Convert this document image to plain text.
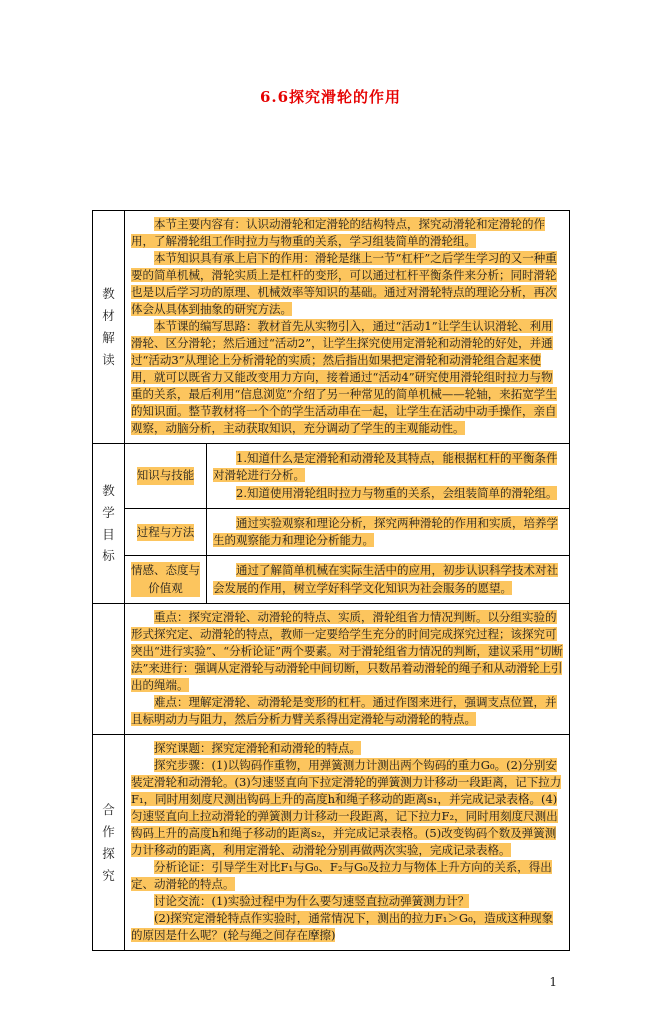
6.6探究滑轮的作用
教材解读

本节主要内容有：认识动滑轮和定滑轮的结构特点，探究动滑轮和定滑轮的作用，了解滑轮组工作时拉力与物重的关系，学习组装简单的滑轮组。

本节知识具有承上启下的作用：滑轮是继上一节“杠杆”之后学生学习的又一种重要的简单机械，滑轮实质上是杠杆的变形，可以通过杠杆平衡条件来分析；同时滑轮也是以后学习功的原理、机械效率等知识的基础。通过对滑轮特点的理论分析，再次体会从具体到抽象的研究方法。

本节课的编写思路：教材首先从实物引入，通过“活动1”让学生认识滑轮、利用滑轮、区分滑轮；然后通过“活动2”，让学生探究使用定滑轮和动滑轮的好处，并通过“活动3”从理论上分析滑轮的实质；然后指出如果把定滑轮和动滑轮组合起来使用，就可以既省力又能改变用力方向，接着通过“活动4”研究使用滑轮组时拉力与物重的关系，最后利用“信息浏览”介绍了另一种常见的简单机械——轮轴，来拓宽学生的知识面。整节教材将一个个的学生活动串在一起，让学生在活动中动手操作，亲自观察，动脑分析，主动获取知识，充分调动了学生的主观能动性。

教学目标
知识与技能

1.知道什么是定滑轮和动滑轮及其特点，能根据杠杆的平衡条件对滑轮进行分析。

2.知道使用滑轮组时拉力与物重的关系，会组装简单的滑轮组。

过程与方法

通过实验观察和理论分析，探究两种滑轮的作用和实质，培养学生的观察能力和理论分析能力。

情感、态度与价值观

通过了解简单机械在实际生活中的应用，初步认识科学技术对社会发展的作用，树立学好科学文化知识为社会服务的愿望。

重点：探究定滑轮、动滑轮的特点、实质，滑轮组省力情况判断。以分组实验的形式探究定、动滑轮的特点，教师一定要给学生充分的时间完成探究过程；该探究可突出“进行实验”、“分析论证”两个要素。对于滑轮组省力情况的判断，建议采用“切断法”来进行：强调从定滑轮与动滑轮中间切断，只数吊着动滑轮的绳子和从动滑轮上引出的绳端。

难点：理解定滑轮、动滑轮是变形的杠杆。通过作图来进行，强调支点位置，并且标明动力与阻力，然后分析力臂关系得出定滑轮与动滑轮的特点。

合作探究

探究课题：探究定滑轮和动滑轮的特点。

探究步骤：(1)以钩码作重物，用弹簧测力计测出两个钩码的重力G₀。(2)分别安装定滑轮和动滑轮。(3)匀速竖直向下拉定滑轮的弹簧测力计移动一段距离，记下拉力F₁，同时用刻度尺测出钩码上升的高度h和绳子移动的距离s₁，并完成记录表格。(4)匀速竖直向上拉动滑轮的弹簧测力计移动一段距离，记下拉力F₂，同时用刻度尺测出钩码上升的高度h和绳子移动的距离s₂，并完成记录表格。(5)改变钩码个数及弹簧测力计移动的距离，利用定滑轮、动滑轮分别再做两次实验，完成记录表格。

分析论证：引导学生对比F₁与G₀、F₂与G₀及拉力与物体上升方向的关系，得出定、动滑轮的特点。

讨论交流：(1)实验过程中为什么要匀速竖直拉动弹簧测力计？

(2)探究定滑轮特点作实验时，通常情况下，测出的拉力F₁＞G₀，造成这种现象的原因是什么呢？(轮与绳之间存在摩擦)

1
